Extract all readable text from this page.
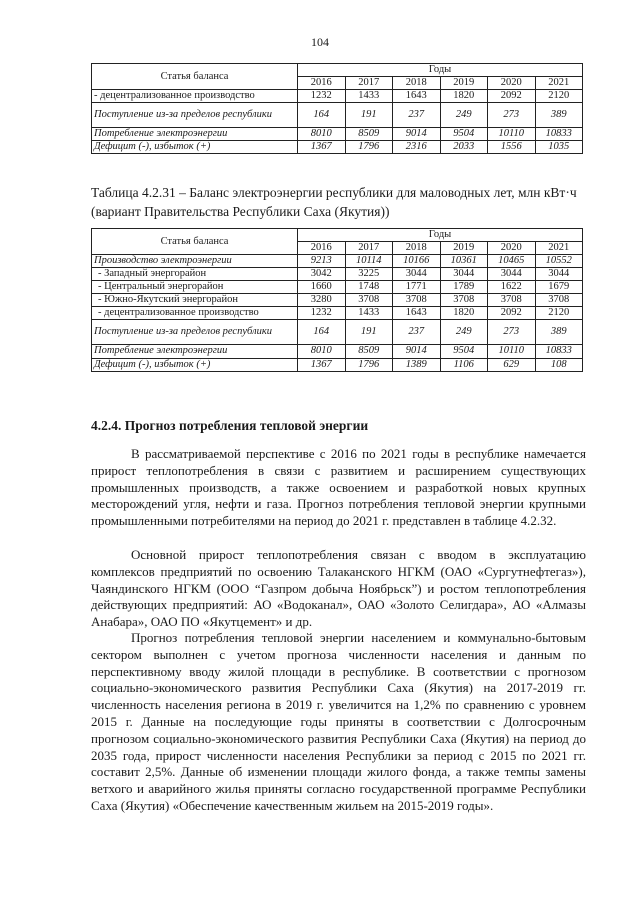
104
Статья баланса	Годы					
	2016	2017	2018	2019	2020	2021
- децентрализованное производство	1232	1433	1643	1820	2092	2120
Поступление из-за пределов республики	164	191	237	249	273	389
Потребление электроэнергии	8010	8509	9014	9504	10110	10833
Дефицит (-), избыток (+)	1367	1796	2316	2033	1556	1035
Таблица 4.2.31 – Баланс электроэнергии республики для маловодных лет, млн кВт·ч (вариант Правительства Республики Саха (Якутия))
Статья баланса	Годы					
	2016	2017	2018	2019	2020	2021
Производство электроэнергии	9213	10114	10166	10361	10465	10552
- Западный энергорайон	3042	3225	3044	3044	3044	3044
- Центральный энергорайон	1660	1748	1771	1789	1622	1679
- Южно-Якутский энергорайон	3280	3708	3708	3708	3708	3708
- децентрализованное производство	1232	1433	1643	1820	2092	2120
Поступление из-за пределов республики	164	191	237	249	273	389
Потребление электроэнергии	8010	8509	9014	9504	10110	10833
Дефицит (-), избыток (+)	1367	1796	1389	1106	629	108
4.2.4. Прогноз потребления тепловой энергии

В рассматриваемой перспективе с 2016 по 2021 годы в республике намечается прирост теплопотребления в связи с развитием и расширением существующих промышленных производств, а также освоением и разработкой новых крупных месторождений угля, нефти и газа. Прогноз потребления тепловой энергии крупными промышленными потребителями на период до 2021 г. представлен в таблице 4.2.32.

Основной прирост теплопотребления связан с вводом в эксплуатацию комплексов предприятий по освоению Талаканского НГКМ (ОАО «Сургутнефтегаз»), Чаяндинского НГКМ (ООО “Газпром добыча Ноябрьск”) и ростом теплопотребления действующих предприятий: АО «Водоканал», ОАО «Золото Селигдара», АО «Алмазы Анабара», ОАО ПО «Якутцемент» и др.

Прогноз потребления тепловой энергии населением и коммунально-бытовым сектором выполнен с учетом прогноза численности населения и данным по перспективному вводу жилой площади в республике. В соответствии с прогнозом социально-экономического развития Республики Саха (Якутия) на 2017-2019 гг. численность населения региона в 2019 г. увеличится на 1,2% по сравнению с уровнем 2015 г. Данные на последующие годы приняты в соответствии с Долгосрочным прогнозом социально-экономического развития Республики Саха (Якутия) на период до 2035 года, прирост численности населения Республики за период с 2015 по 2021 гг. составит 2,5%. Данные об изменении площади жилого фонда, а также темпы замены ветхого и аварийного жилья приняты согласно государственной программе Республики Саха (Якутия) «Обеспечение качественным жильем на 2015-2019 годы».
